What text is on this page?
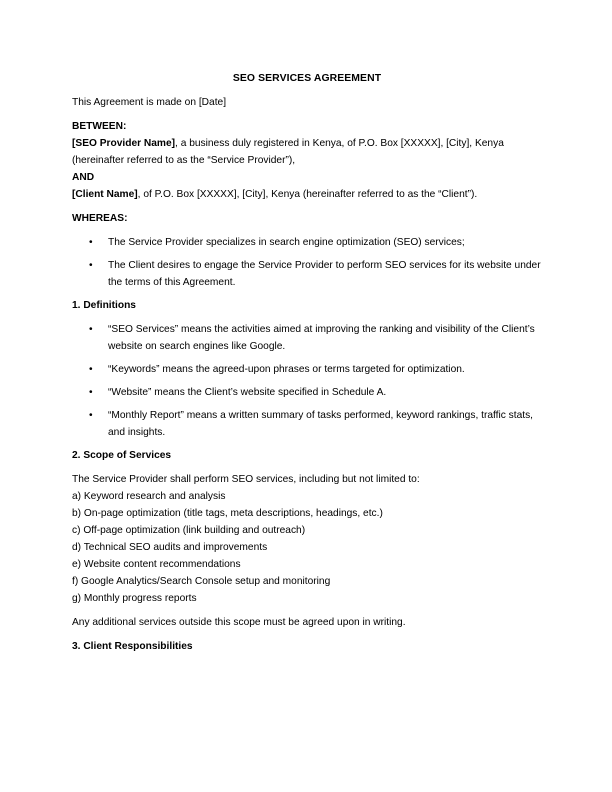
SEO SERVICES AGREEMENT

This Agreement is made on [Date]

BETWEEN:

[SEO Provider Name], a business duly registered in Kenya, of P.O. Box [XXXXX], [City], Kenya

(hereinafter referred to as the “Service Provider”),

AND

[Client Name], of P.O. Box [XXXXX], [City], Kenya (hereinafter referred to as the “Client”).

WHEREAS:

• The Service Provider specializes in search engine optimization (SEO) services;
• The Client desires to engage the Service Provider to perform SEO services for its website under the terms of this Agreement.

1. Definitions

• “SEO Services” means the activities aimed at improving the ranking and visibility of the Client’s website on search engines like Google.
• “Keywords” means the agreed-upon phrases or terms targeted for optimization.
• “Website” means the Client’s website specified in Schedule A.
• “Monthly Report” means a written summary of tasks performed, keyword rankings, traffic stats, and insights.

2. Scope of Services

The Service Provider shall perform SEO services, including but not limited to:

a) Keyword research and analysis

b) On-page optimization (title tags, meta descriptions, headings, etc.)

c) Off-page optimization (link building and outreach)

d) Technical SEO audits and improvements

e) Website content recommendations

f) Google Analytics/Search Console setup and monitoring

g) Monthly progress reports

Any additional services outside this scope must be agreed upon in writing.

3. Client Responsibilities
